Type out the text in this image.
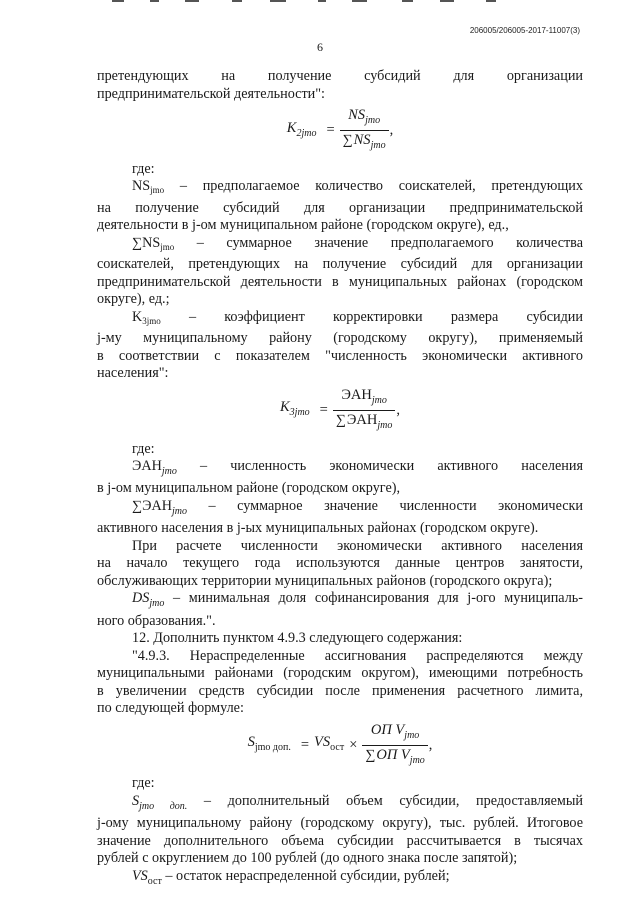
206005/206005-2017-11007(3)
6

претендующих на получение субсидий для организации

предпринимательской деятельности":

$K_{2jmo} = \frac{NS_{jmo}}{\sum NS_{jmo}}$ ,

где:

$NS_{jmo}$ – предполагаемое количество соискателей, претендующих

на получение субсидий для организации предпринимательской

деятельности в j-ом муниципальном районе (городском округе), ед.,

$\sum NS_{jmo}$ – суммарное значение предполагаемого количества

соискателей, претендующих на получение субсидий для организации

предпринимательской деятельности в муниципальных районах (городском

округе), ед.;

$K_{3jmo}$ – коэффициент корректировки размера субсидии

j-му муниципальному району (городскому округу), применяемый

в соответствии с показателем "численность экономически активного

населения":

$K_{3jmo} = \frac{ЭАН_{jmo}}{\sum ЭАН_{jmo}}$ ,

где:

$ЭАН_{jmo}$ – численность экономически активного населения

в j-ом муниципальном районе (городском округе),

$\sum ЭАН_{jmo}$ – суммарное значение численности экономически

активного населения в j-ых муниципальных районах (городском округе).

При расчете численности экономически активного населения

на начало текущего года используются данные центров занятости,

обслуживающих территории муниципальных районов (городского округа);

$DS_{jmo}$ – минимальная доля софинансирования для j-ого муниципаль-

ного образования.".

12. Дополнить пунктом 4.9.3 следующего содержания:

"4.9.3. Нераспределенные ассигнования распределяются между

муниципальными районами (городским округом), имеющими потребность

в увеличении средств субсидии после применения расчетного лимита,

по следующей формуле:

$S_{jmo доп.} = VS_{ост} \times \frac{ОП V_{jmo}}{\sum ОП V_{jmo}}$ ,

где:

$S_{jmo доп.}$ – дополнительный объем субсидии, предоставляемый

j-ому муниципальному району (городскому округу), тыс. рублей. Итоговое

значение дополнительного объема субсидии рассчитывается в тысячах

рублей с округлением до 100 рублей (до одного знака после запятой);

$VS_{ост}$ – остаток нераспределенной субсидии, рублей;
